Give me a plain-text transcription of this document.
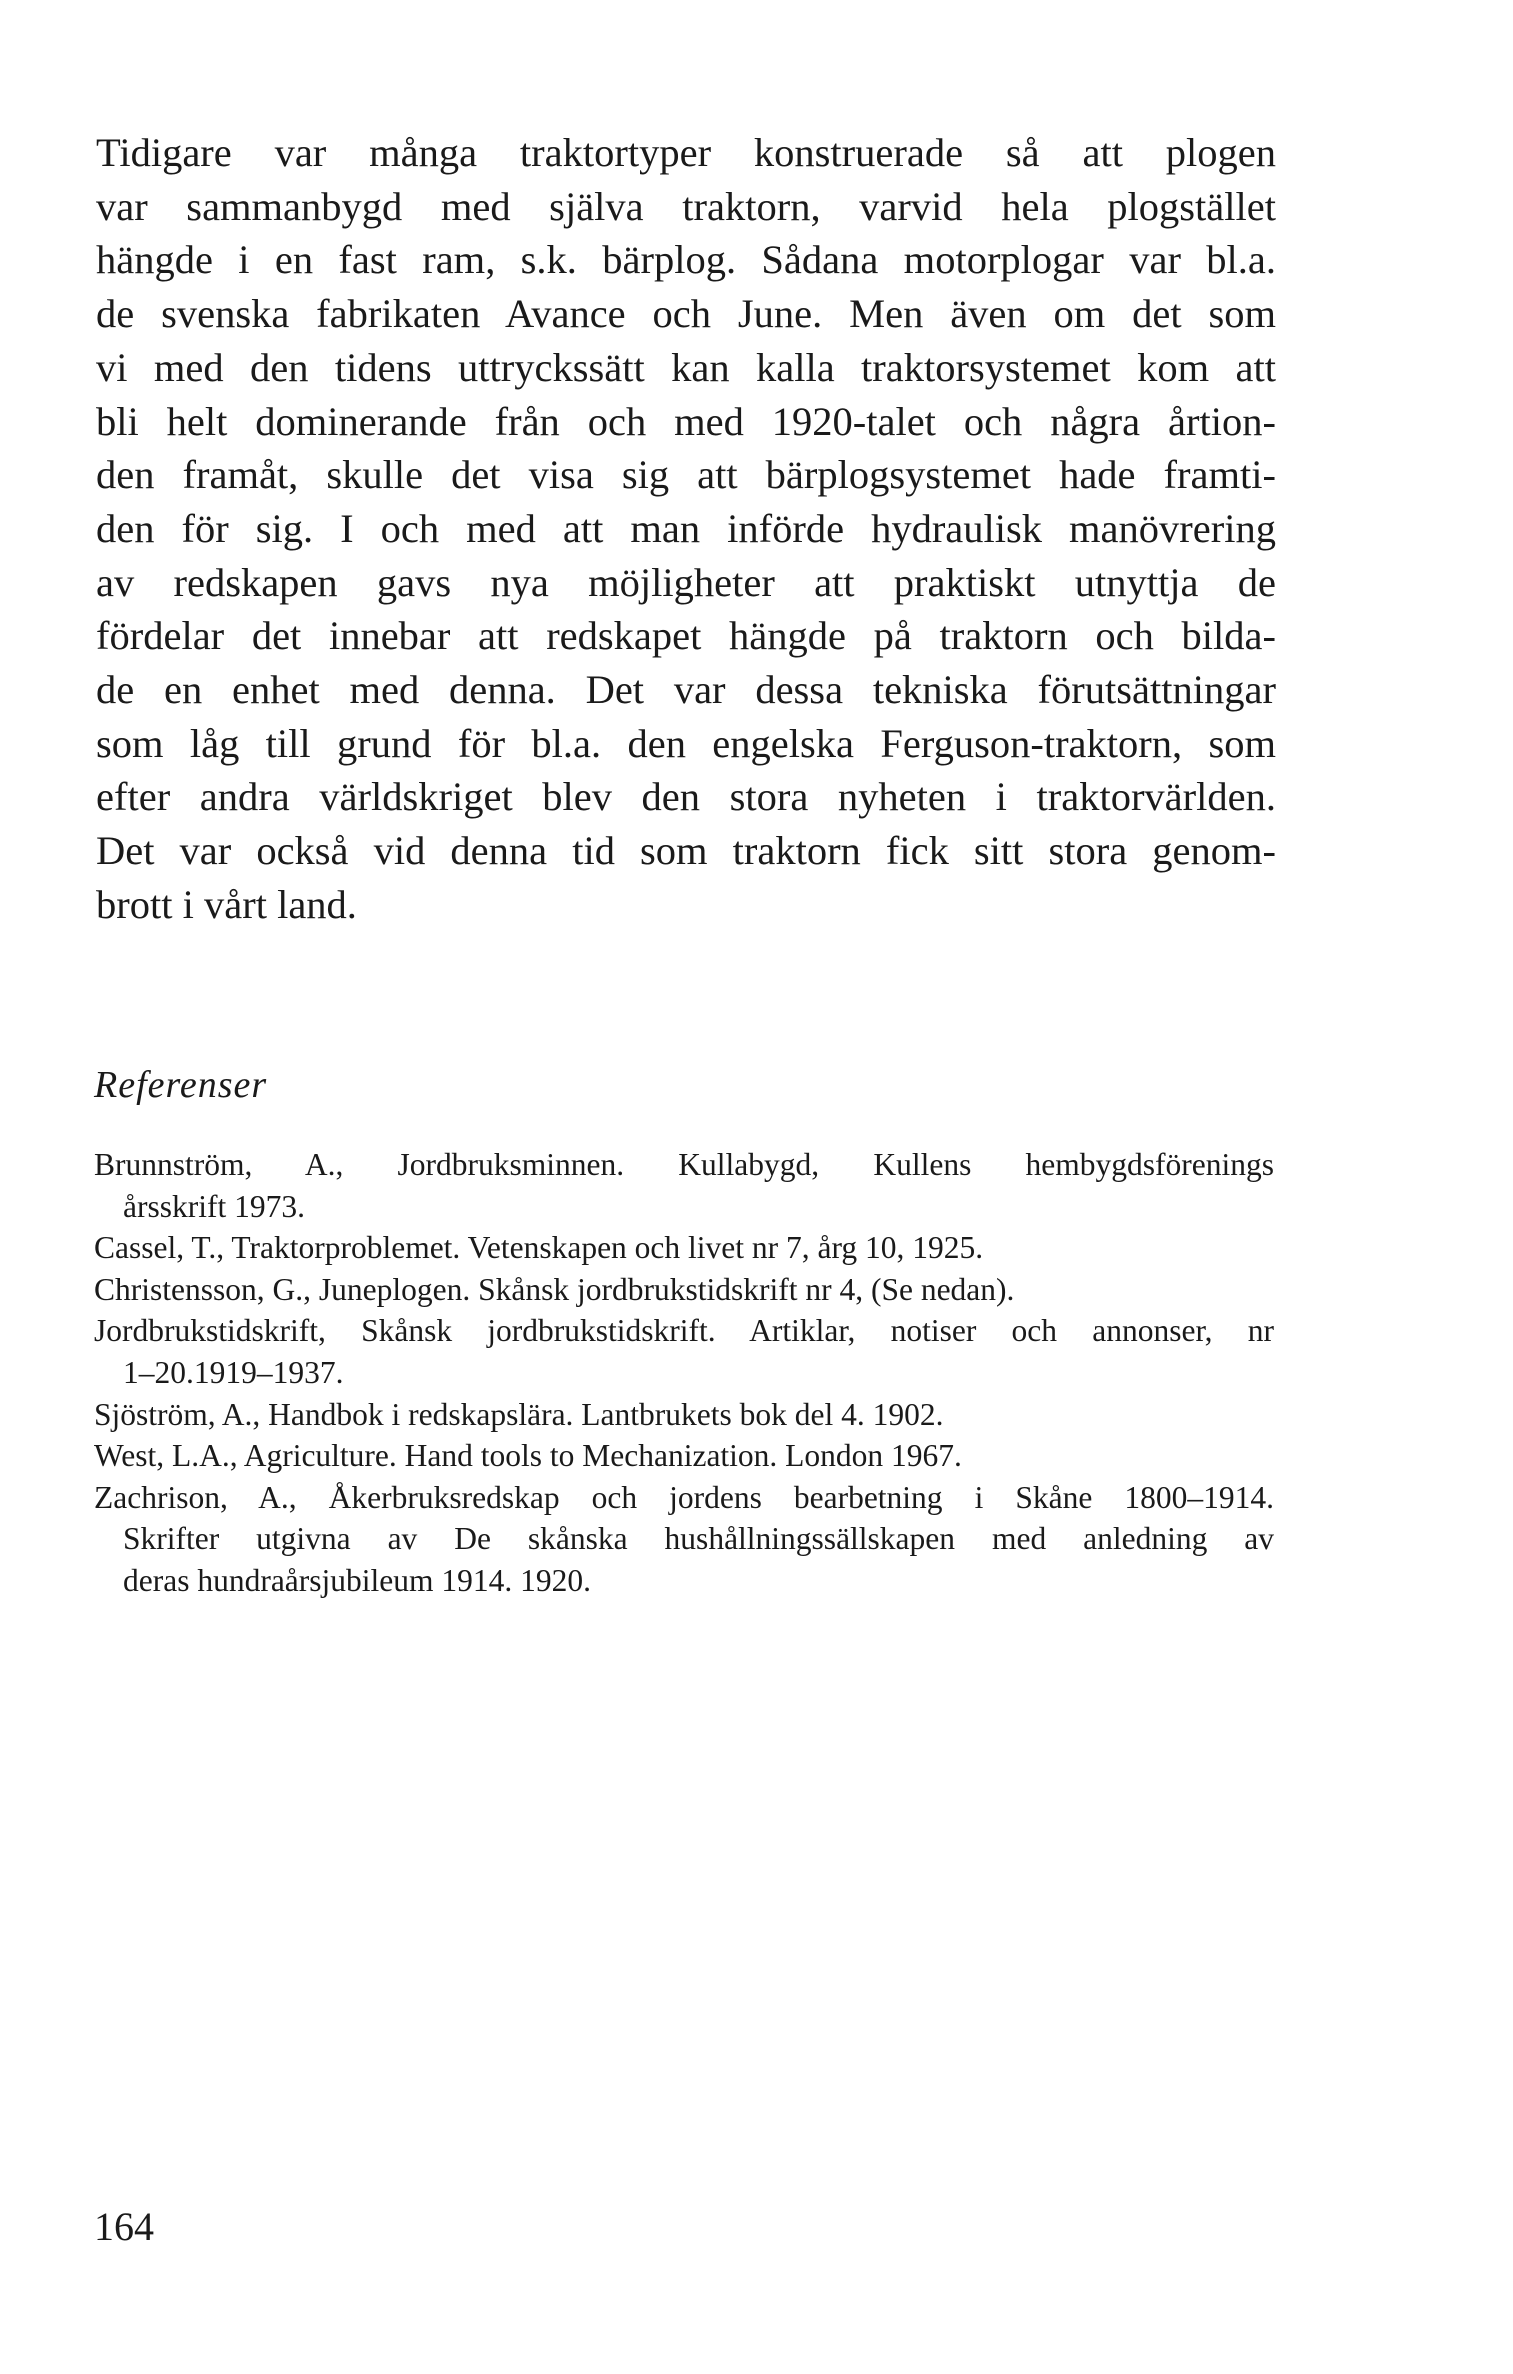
Tidigare var många traktortyper konstruerade så att plogen
var sammanbygd med själva traktorn, varvid hela plogstället
hängde i en fast ram, s.k. bärplog. Sådana motorplogar var bl.a.
de svenska fabrikaten Avance och June. Men även om det som
vi med den tidens uttryckssätt kan kalla traktorsystemet kom att
bli helt dominerande från och med 1920-talet och några årtion-
den framåt, skulle det visa sig att bärplogsystemet hade framti-
den för sig. I och med att man införde hydraulisk manövrering
av redskapen gavs nya möjligheter att praktiskt utnyttja de
fördelar det innebar att redskapet hängde på traktorn och bilda-
de en enhet med denna. Det var dessa tekniska förutsättningar
som låg till grund för bl.a. den engelska Ferguson-traktorn, som
efter andra världskriget blev den stora nyheten i traktorvärlden.
Det var också vid denna tid som traktorn fick sitt stora genom-
brott i vårt land.

Referenser
Brunnström, A., Jordbruksminnen. Kullabygd, Kullens hembygdsförenings
årsskrift 1973.
Cassel, T., Traktorproblemet. Vetenskapen och livet nr 7, årg 10, 1925.
Christensson, G., Juneplogen. Skånsk jordbrukstidskrift nr 4, (Se nedan).
Jordbrukstidskrift, Skånsk jordbrukstidskrift. Artiklar, notiser och annonser, nr
1–20.1919–1937.
Sjöström, A., Handbok i redskapslära. Lantbrukets bok del 4. 1902.
West, L.A., Agriculture. Hand tools to Mechanization. London 1967.
Zachrison, A., Åkerbruksredskap och jordens bearbetning i Skåne 1800–1914.
Skrifter utgivna av De skånska hushållningssällskapen med anledning av
deras hundraårsjubileum 1914. 1920.

164
